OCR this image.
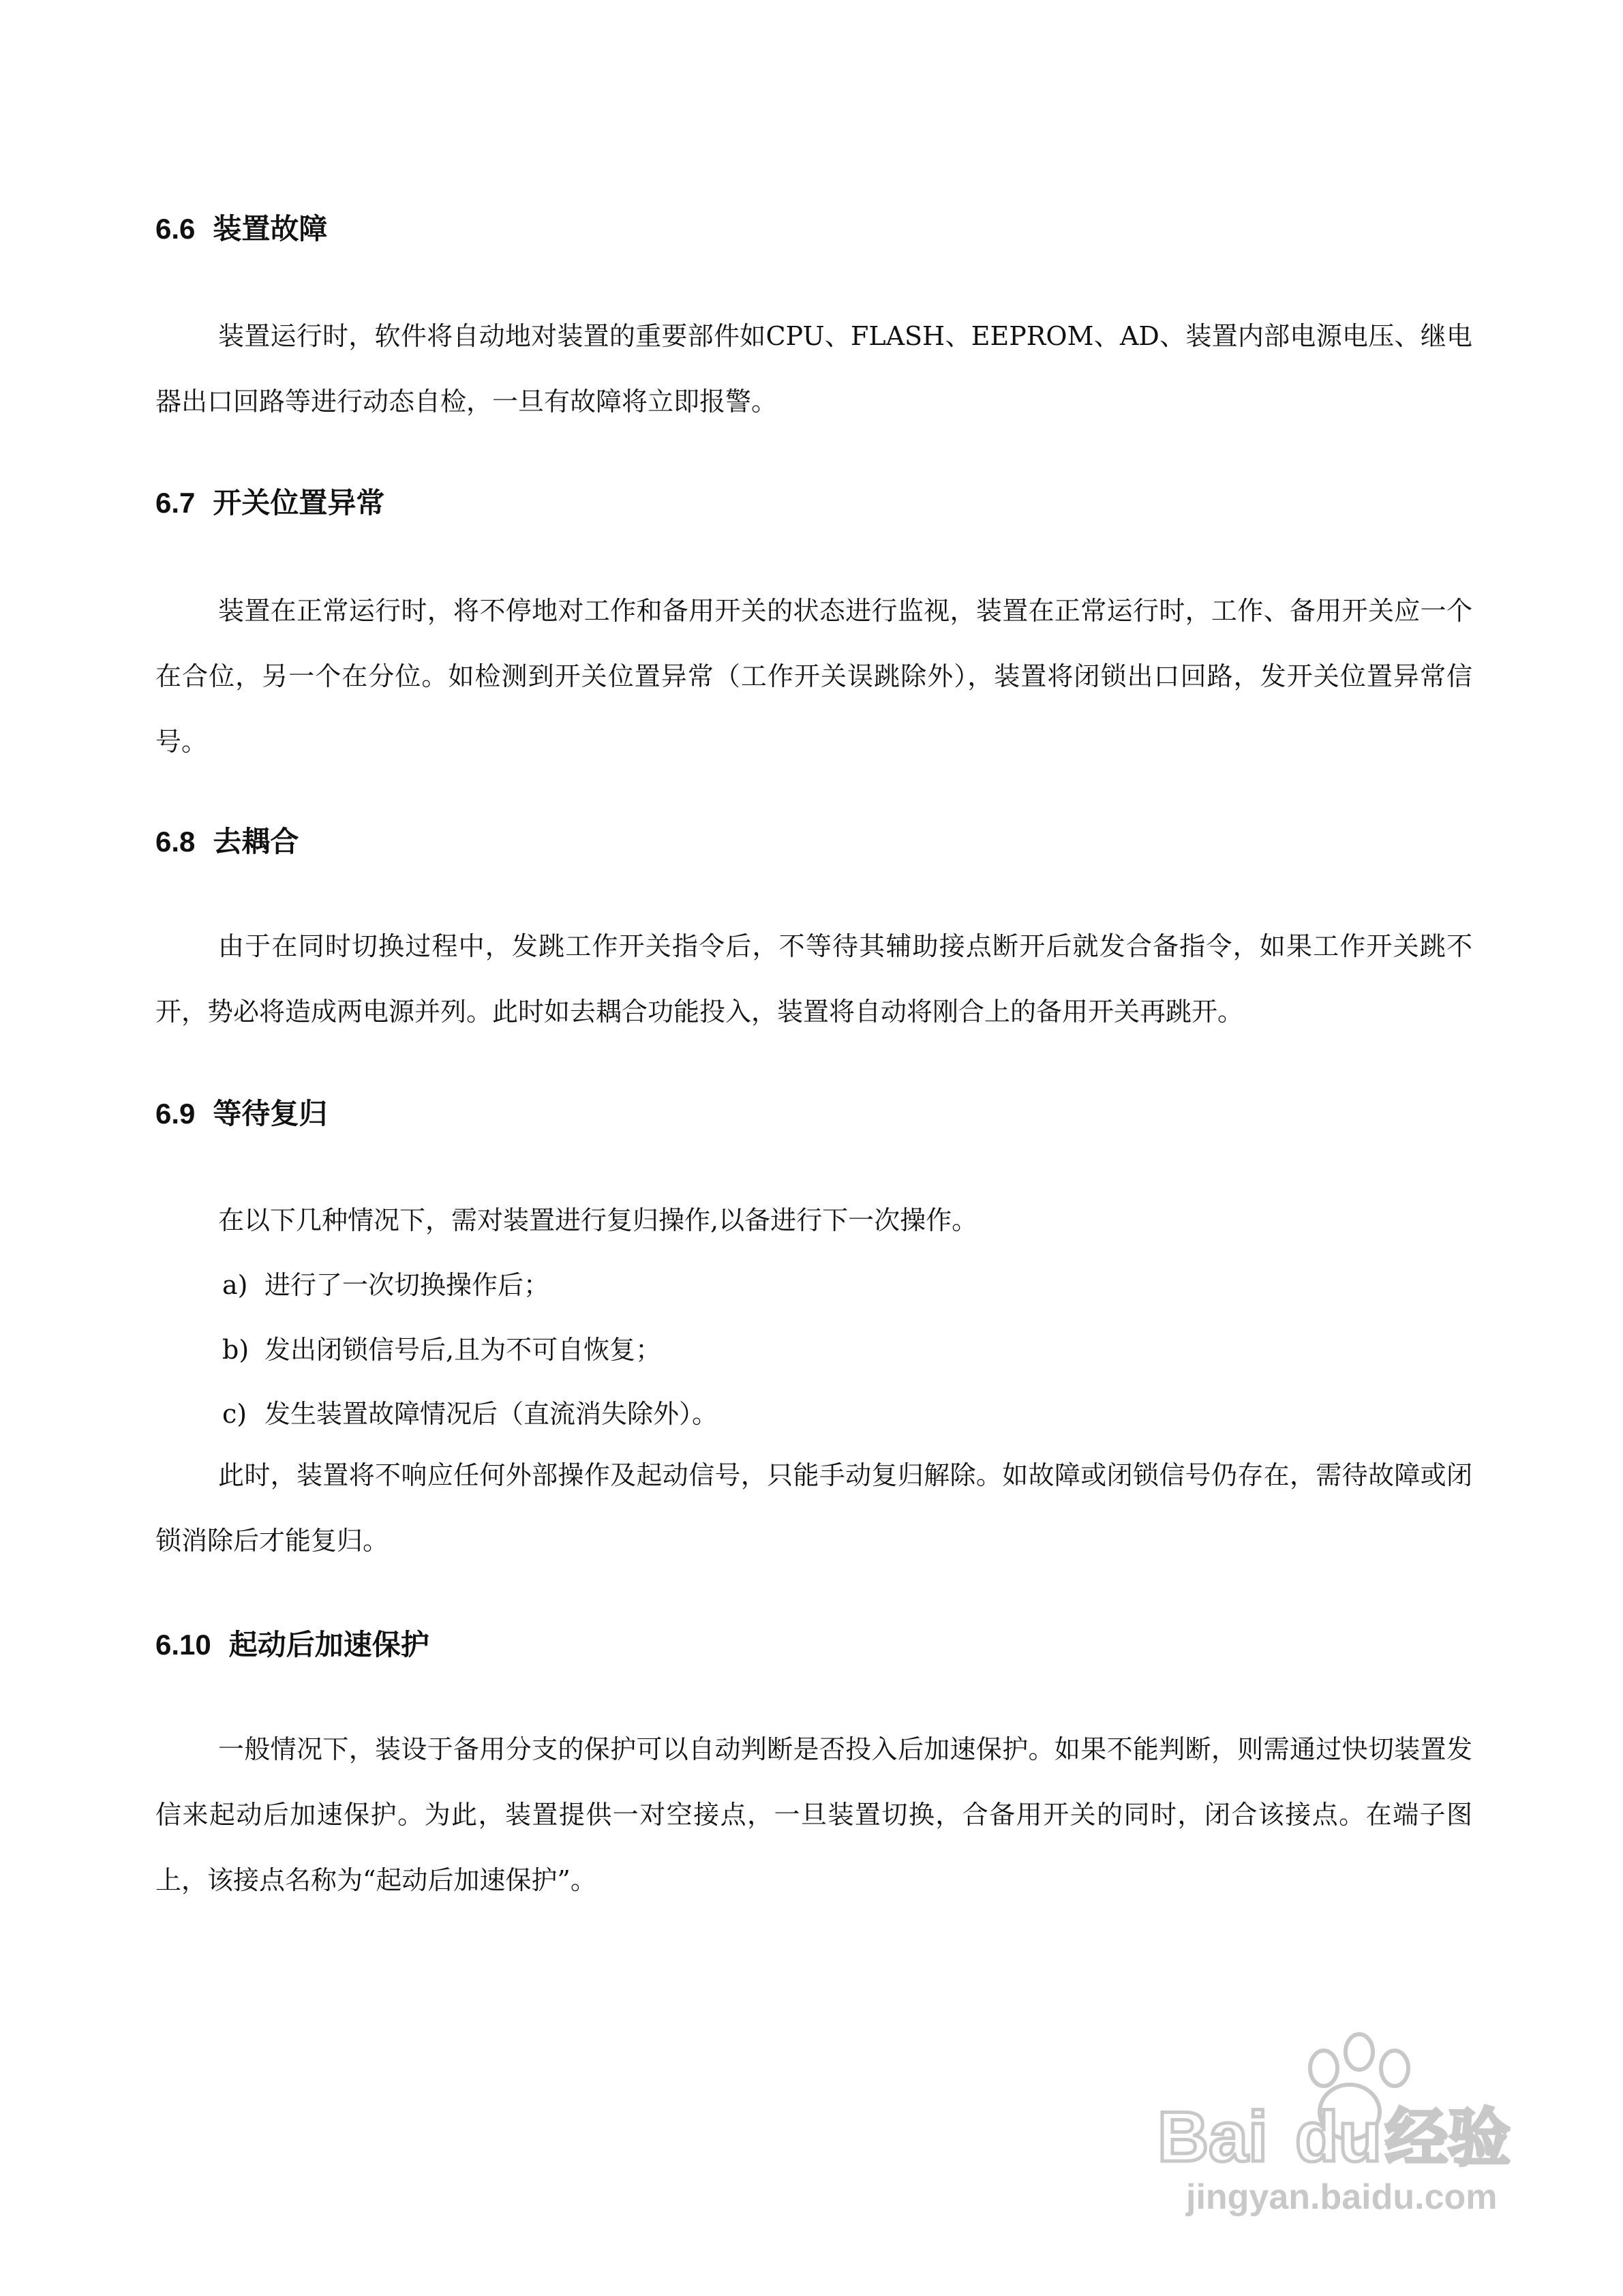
6.6 装置故障

装置运行时，软件将自动地对装置的重要部件如CPU、FLASH、EEPROM、AD、装置内部电源电压、继电器出口回路等进行动态自检，一旦有故障将立即报警。

6.7 开关位置异常

装置在正常运行时，将不停地对工作和备用开关的状态进行监视，装置在正常运行时，工作、备用开关应一个在合位，另一个在分位。如检测到开关位置异常（工作开关误跳除外），装置将闭锁出口回路，发开关位置异常信号。

6.8 去耦合

由于在同时切换过程中，发跳工作开关指令后，不等待其辅助接点断开后就发合备指令，如果工作开关跳不开，势必将造成两电源并列。此时如去耦合功能投入，装置将自动将刚合上的备用开关再跳开。

6.9 等待复归

在以下几种情况下，需对装置进行复归操作,以备进行下一次操作。

a) 进行了一次切换操作后；
b) 发出闭锁信号后,且为不可自恢复；
c) 发生装置故障情况后（直流消失除外）。

此时，装置将不响应任何外部操作及起动信号，只能手动复归解除。如故障或闭锁信号仍存在，需待故障或闭锁消除后才能复归。

6.10 起动后加速保护

一般情况下，装设于备用分支的保护可以自动判断是否投入后加速保护。如果不能判断，则需通过快切装置发信来起动后加速保护。为此，装置提供一对空接点，一旦装置切换，合备用开关的同时，闭合该接点。在端子图上，该接点名称为“起动后加速保护”。

Bai du 经验
jingyan.baidu.com
